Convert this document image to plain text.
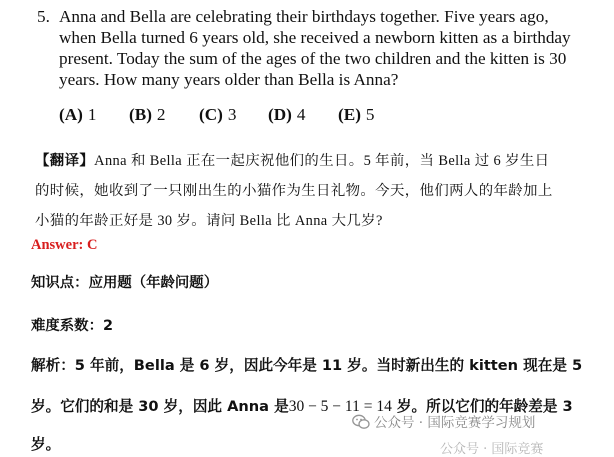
5. Anna and Bella are celebrating their birthdays together. Five years ago,
when Bella turned 6 years old, she received a newborn kitten as a birthday
present. Today the sum of the ages of the two children and the kitten is 30
years. How many years older than Bella is Anna?
(A) 1 (B) 2 (C) 3 (D) 4 (E) 5
【翻译】Anna 和 Bella 正在一起庆祝他们的生日。5 年前，当 Bella 过 6 岁生日
的时候，她收到了一只刚出生的小猫作为生日礼物。今天，他们两人的年龄加上
小猫的年龄正好是 30 岁。请问 Bella 比 Anna 大几岁?
Answer: C
知识点：应用题（年龄问题）
难度系数：2
解析：5 年前，Bella 是 6 岁，因此今年是 11 岁。当时新出生的 kitten 现在是 5
岁。它们的和是 30 岁，因此 Anna 是30 − 5 − 11 = 14 岁。所以它们的年龄差是 3
岁。
公众号 · 国际竞赛学习规划
公众号 · 国际竞赛
